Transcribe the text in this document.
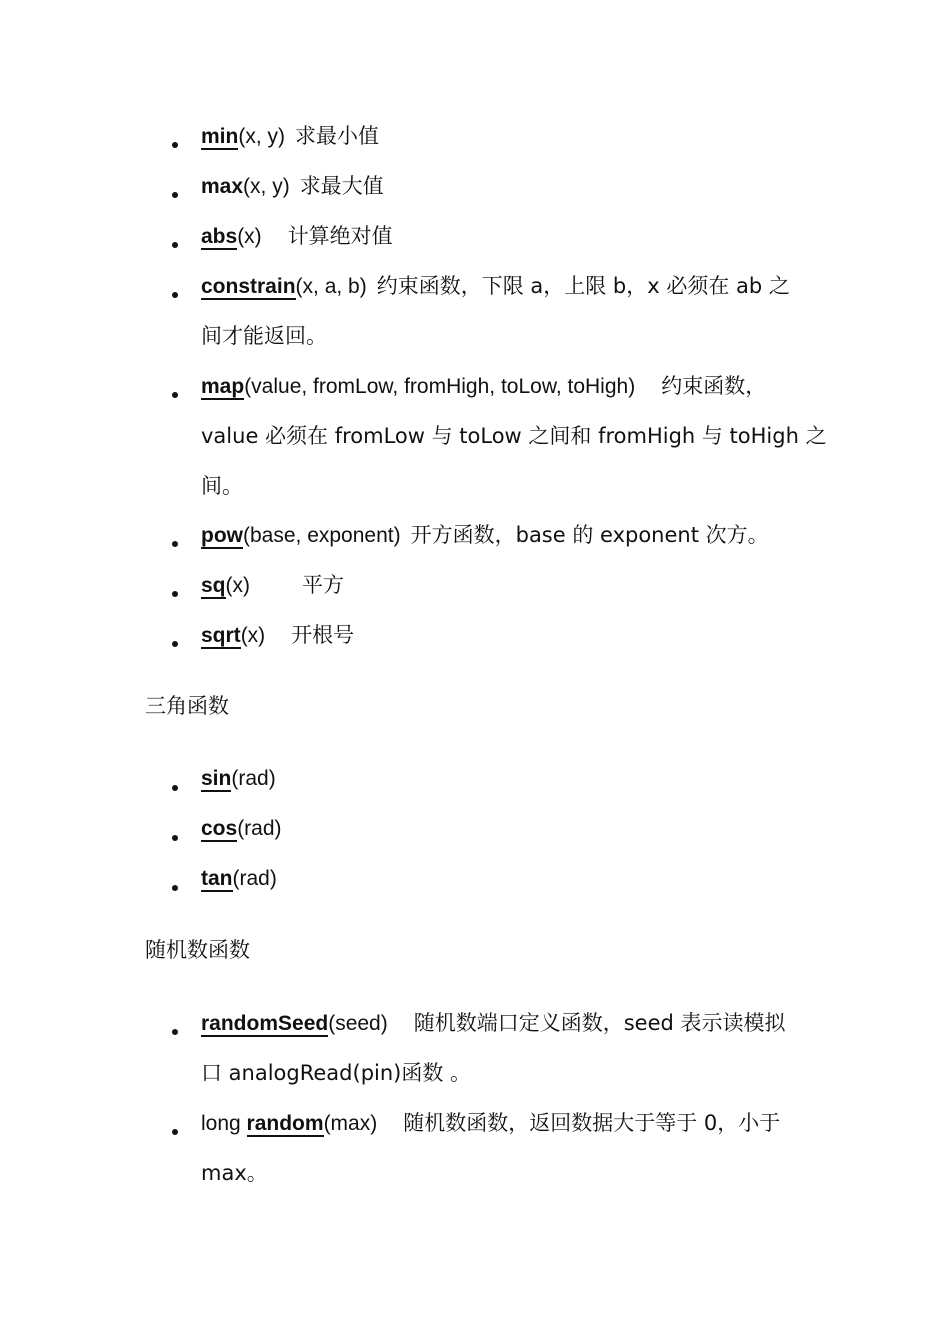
min(x, y) 求最小值
max(x, y) 求最大值
abs(x) 计算绝对值
constrain(x, a, b) 约束函数，下限 a，上限 b，x 必须在 ab 之
间才能返回。
map(value, fromLow, fromHigh, toLow, toHigh) 约束函数，
value 必须在 fromLow 与 toLow 之间和 fromHigh 与 toHigh 之
间。
pow(base, exponent) 开方函数，base 的 exponent 次方。
sq(x) 平方
sqrt(x) 开根号
三角函数
sin(rad)
cos(rad)
tan(rad)
随机数函数
randomSeed(seed) 随机数端口定义函数，seed 表示读模拟
口 analogRead(pin)函数 。
long random(max) 随机数函数，返回数据大于等于 0，小于
max。
